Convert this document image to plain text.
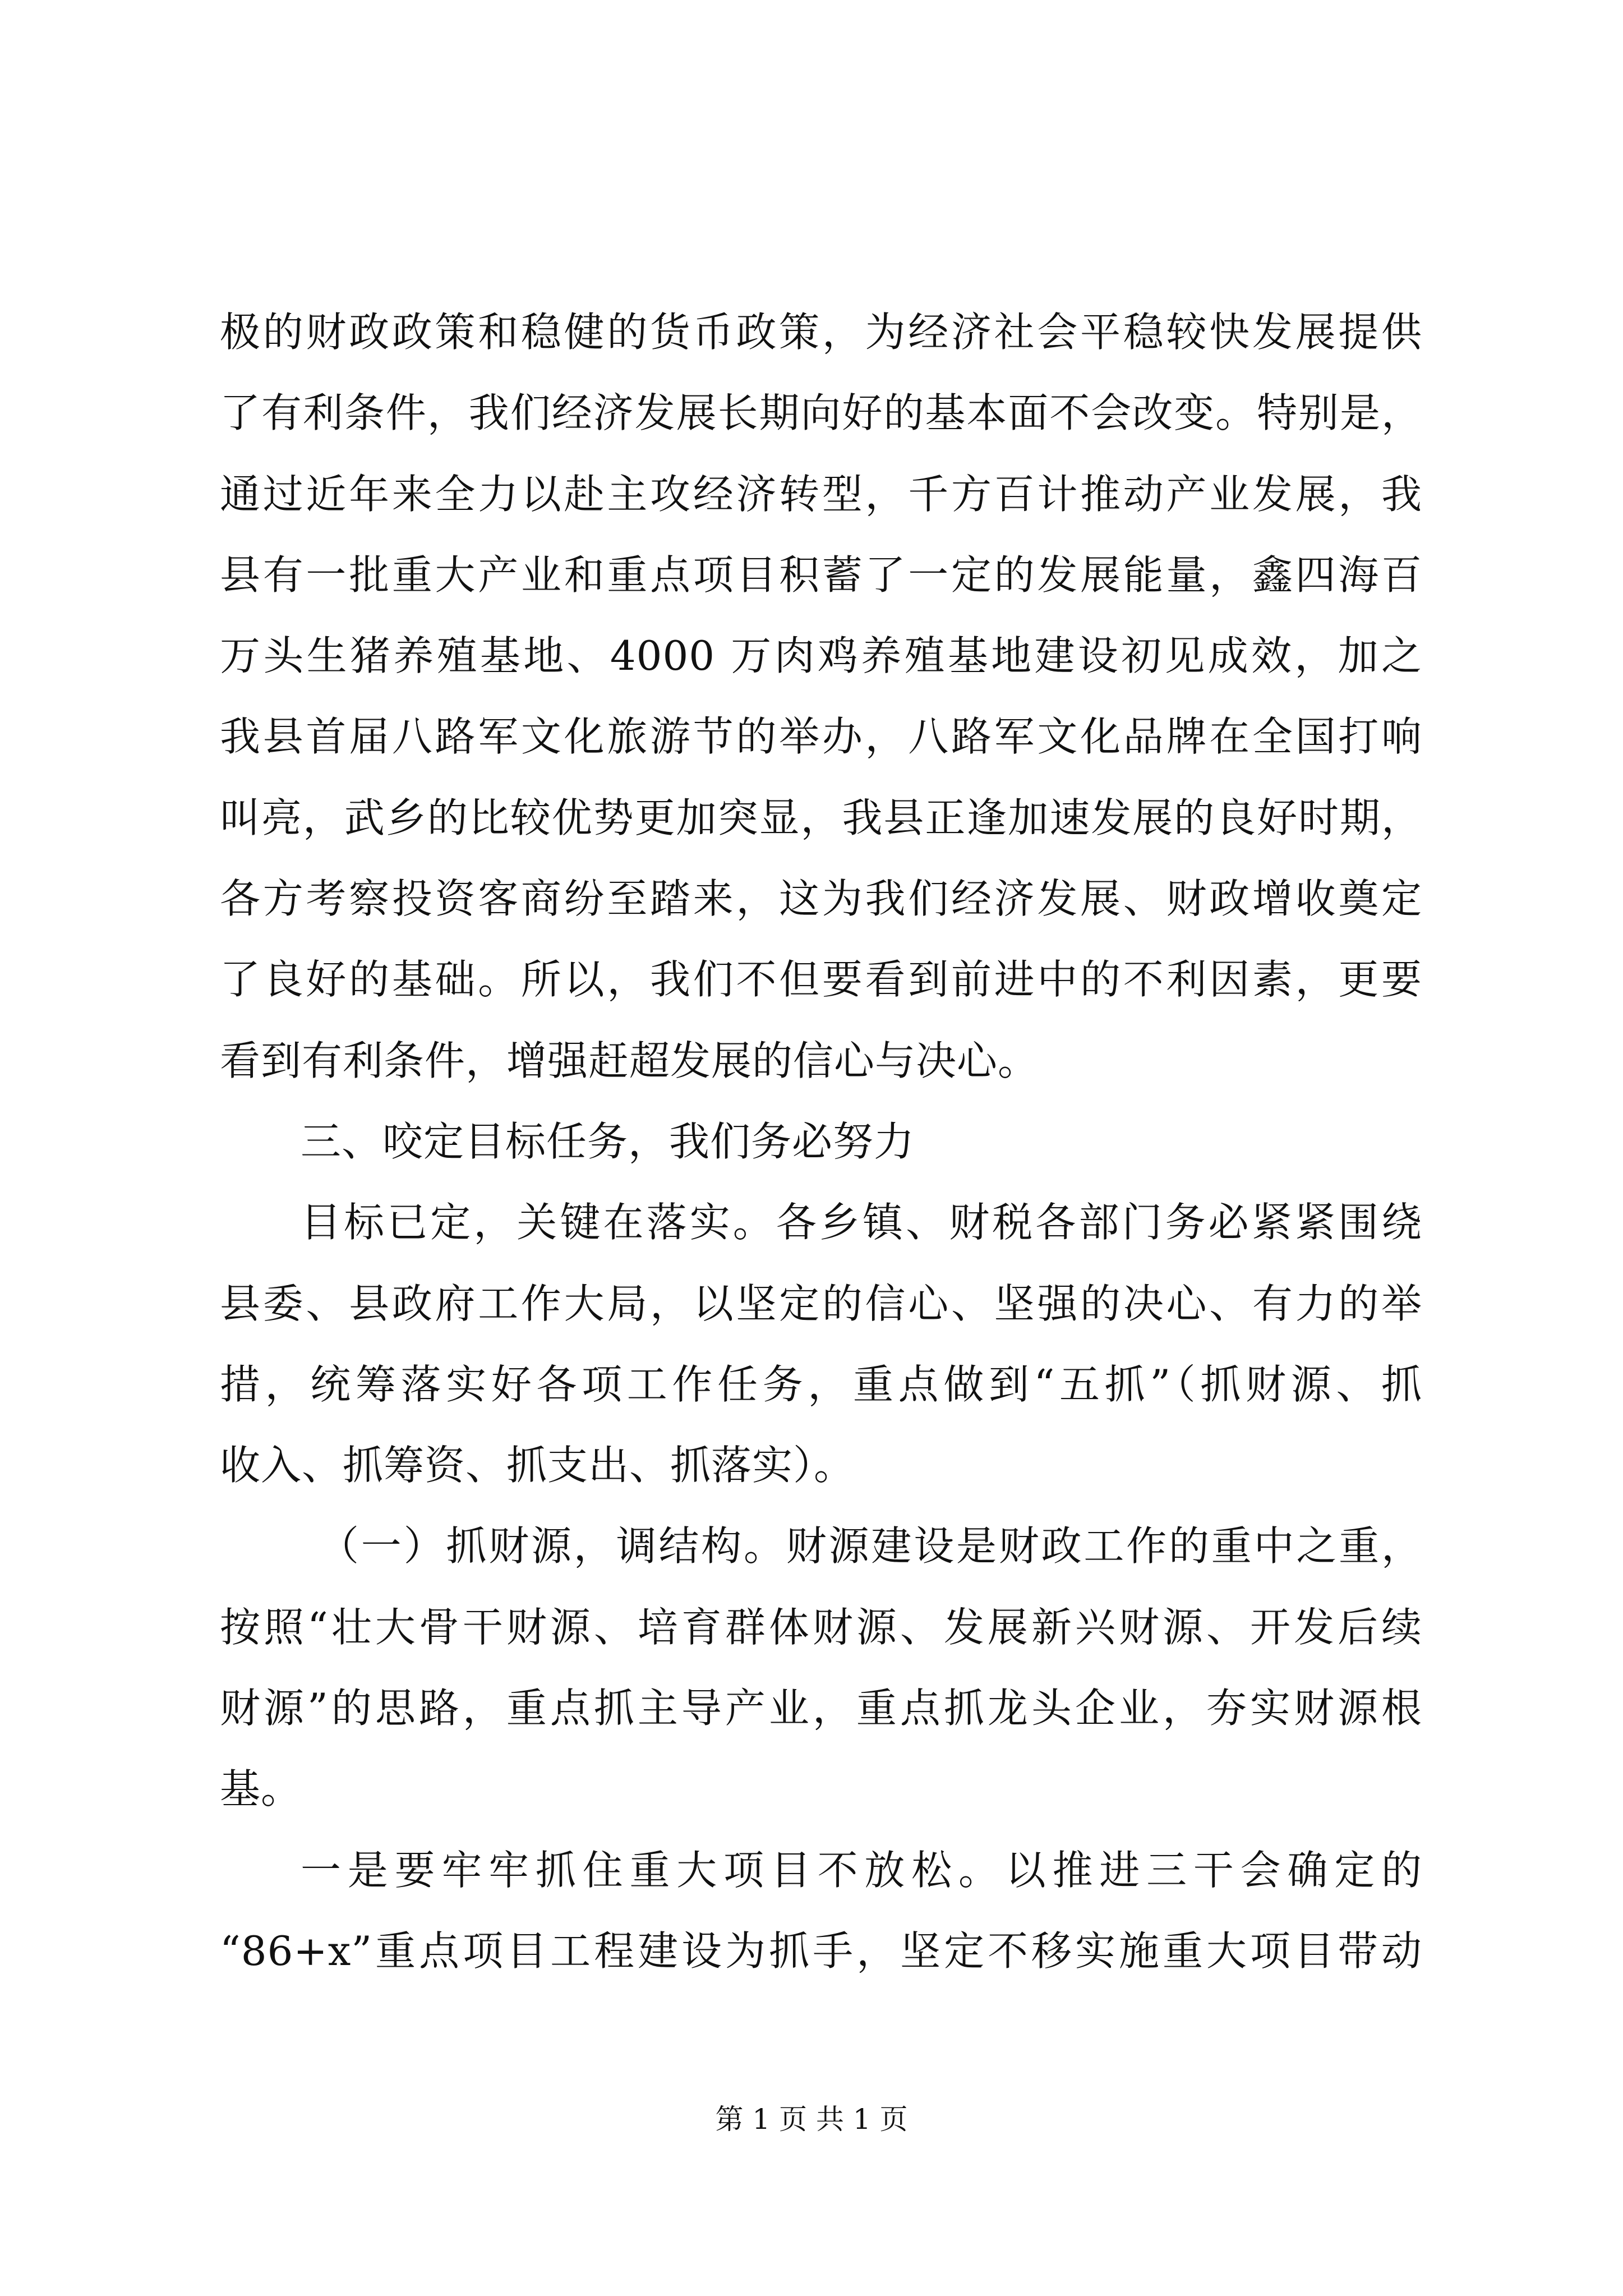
极的财政政策和稳健的货币政策，为经济社会平稳较快发展提供
了有利条件，我们经济发展长期向好的基本面不会改变。特别是，
通过近年来全力以赴主攻经济转型，千方百计推动产业发展，我
县有一批重大产业和重点项目积蓄了一定的发展能量，鑫四海百
万头生猪养殖基地、4000 万肉鸡养殖基地建设初见成效，加之
我县首届八路军文化旅游节的举办，八路军文化品牌在全国打响
叫亮，武乡的比较优势更加突显，我县正逢加速发展的良好时期，
各方考察投资客商纷至踏来，这为我们经济发展、财政增收奠定
了良好的基础。所以，我们不但要看到前进中的不利因素，更要
看到有利条件，增强赶超发展的信心与决心。
三、咬定目标任务，我们务必努力
目标已定，关键在落实。各乡镇、财税各部门务必紧紧围绕
县委、县政府工作大局，以坚定的信心、坚强的决心、有力的举
措，统筹落实好各项工作任务，重点做到“五抓”（抓财源、抓
收入、抓筹资、抓支出、抓落实）。
（一）抓财源，调结构。财源建设是财政工作的重中之重，
按照“壮大骨干财源、培育群体财源、发展新兴财源、开发后续
财源”的思路，重点抓主导产业，重点抓龙头企业，夯实财源根
基。
一是要牢牢抓住重大项目不放松。以推进三干会确定的
“86+x”重点项目工程建设为抓手，坚定不移实施重大项目带动
第 1 页 共 1 页
